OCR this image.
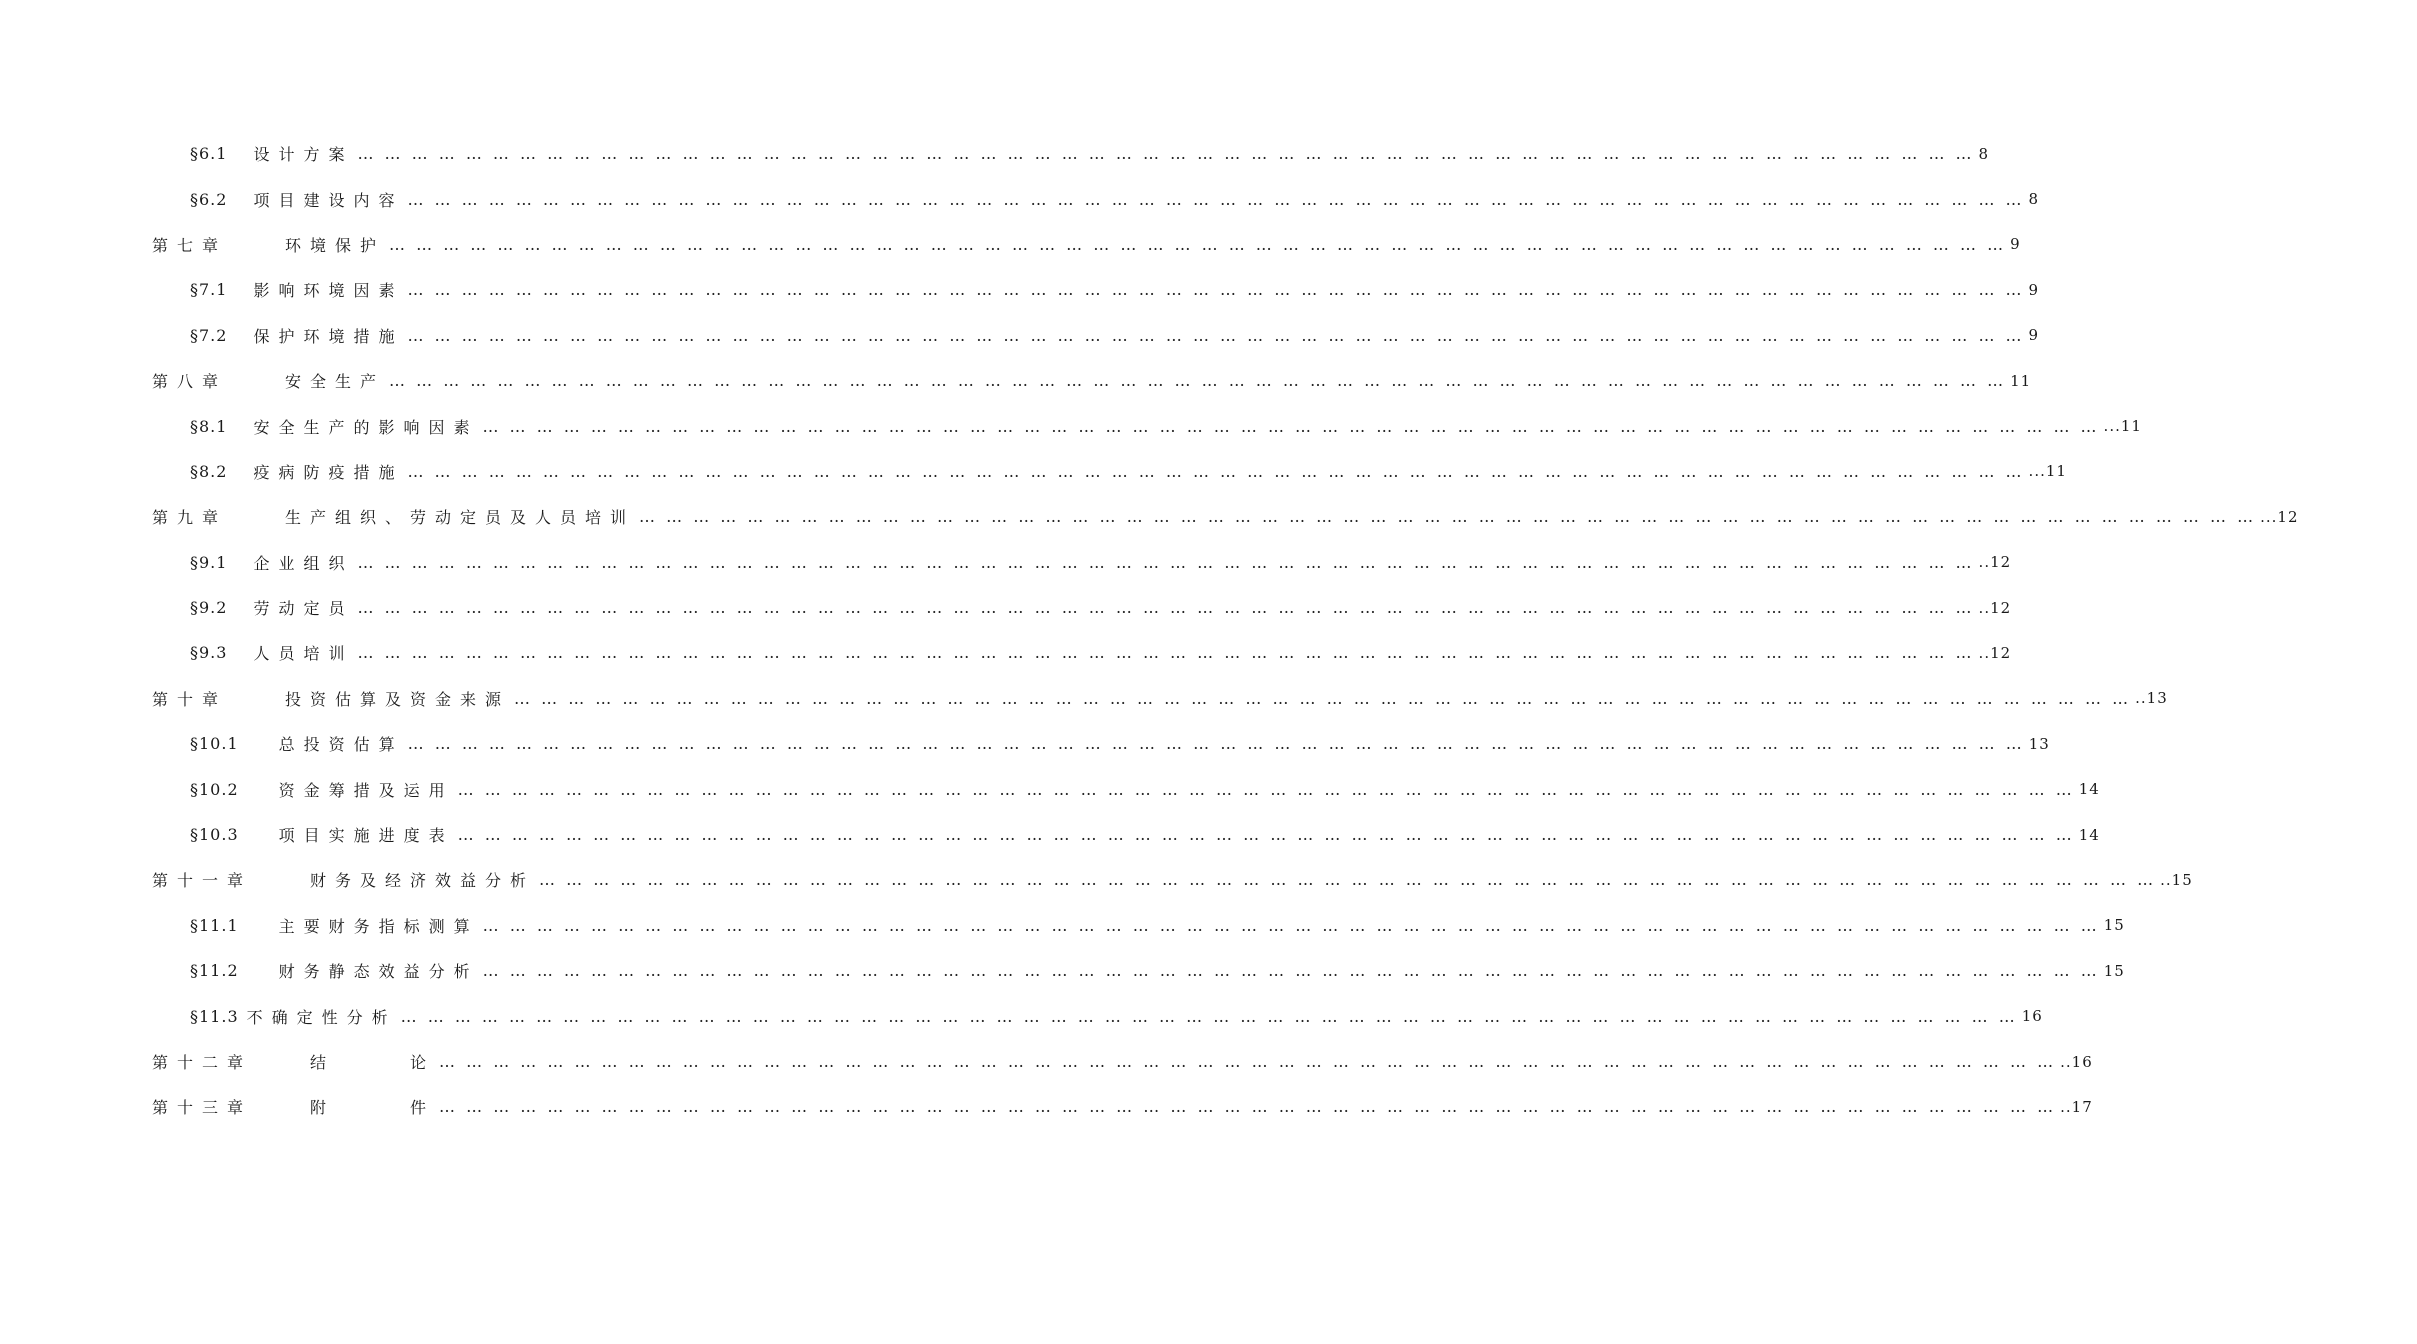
§6.1 设计方案 … … … … … … … … … … … … … … … … … … … … … … … … … … … … … … … … … … … … … … … … … … … … … … … … … … … … … … … … … … … … 8
§6.2 项目建设内容 … … … … … … … … … … … … … … … … … … … … … … … … … … … … … … … … … … … … … … … … … … … … … … … … … … … … … … … … … … … … 8
第七章	环境保护 … … … … … … … … … … … … … … … … … … … … … … … … … … … … … … … … … … … … … … … … … … … … … … … … … … … … … … … … … … … … 9
§7.1 影响环境因素 … … … … … … … … … … … … … … … … … … … … … … … … … … … … … … … … … … … … … … … … … … … … … … … … … … … … … … … … … … … … 9
§7.2 保护环境措施 … … … … … … … … … … … … … … … … … … … … … … … … … … … … … … … … … … … … … … … … … … … … … … … … … … … … … … … … … … … … 9
第八章	安全生产 … … … … … … … … … … … … … … … … … … … … … … … … … … … … … … … … … … … … … … … … … … … … … … … … … … … … … … … … … … … … 11
§8.1 安全生产的影响因素 … … … … … … … … … … … … … … … … … … … … … … … … … … … … … … … … … … … … … … … … … … … … … … … … … … … … … … … … … … … … ...11
§8.2 疫病防疫措施 … … … … … … … … … … … … … … … … … … … … … … … … … … … … … … … … … … … … … … … … … … … … … … … … … … … … … … … … … … … … ...11
第九章	生产组织、劳动定员及人员培训 … … … … … … … … … … … … … … … … … … … … … … … … … … … … … … … … … … … … … … … … … … … … … … … … … … … … … … … … … … … … ...12
§9.1 企业组织 … … … … … … … … … … … … … … … … … … … … … … … … … … … … … … … … … … … … … … … … … … … … … … … … … … … … … … … … … … … … ..12
§9.2 劳动定员 … … … … … … … … … … … … … … … … … … … … … … … … … … … … … … … … … … … … … … … … … … … … … … … … … … … … … … … … … … … … ..12
§9.3 人员培训 … … … … … … … … … … … … … … … … … … … … … … … … … … … … … … … … … … … … … … … … … … … … … … … … … … … … … … … … … … … … ..12
第十章	投资估算及资金来源 … … … … … … … … … … … … … … … … … … … … … … … … … … … … … … … … … … … … … … … … … … … … … … … … … … … … … … … … … … … … ..13
§10.1	总投资估算 … … … … … … … … … … … … … … … … … … … … … … … … … … … … … … … … … … … … … … … … … … … … … … … … … … … … … … … … … … … … 13
§10.2	资金筹措及运用 … … … … … … … … … … … … … … … … … … … … … … … … … … … … … … … … … … … … … … … … … … … … … … … … … … … … … … … … … … … … 14
§10.3	项目实施进度表 … … … … … … … … … … … … … … … … … … … … … … … … … … … … … … … … … … … … … … … … … … … … … … … … … … … … … … … … … … … … 14
第十一章	财务及经济效益分析 … … … … … … … … … … … … … … … … … … … … … … … … … … … … … … … … … … … … … … … … … … … … … … … … … … … … … … … … … … … … ..15
§11.1	主要财务指标测算 … … … … … … … … … … … … … … … … … … … … … … … … … … … … … … … … … … … … … … … … … … … … … … … … … … … … … … … … … … … … 15
§11.2	财务静态效益分析 … … … … … … … … … … … … … … … … … … … … … … … … … … … … … … … … … … … … … … … … … … … … … … … … … … … … … … … … … … … … 15
§11.3 不确定性分析 … … … … … … … … … … … … … … … … … … … … … … … … … … … … … … … … … … … … … … … … … … … … … … … … … … … … … … … … … … … … 16
第十二章	结　　　论 … … … … … … … … … … … … … … … … … … … … … … … … … … … … … … … … … … … … … … … … … … … … … … … … … … … … … … … … … … … … ..16
第十三章	附　　　件 … … … … … … … … … … … … … … … … … … … … … … … … … … … … … … … … … … … … … … … … … … … … … … … … … … … … … … … … … … … … ..17
